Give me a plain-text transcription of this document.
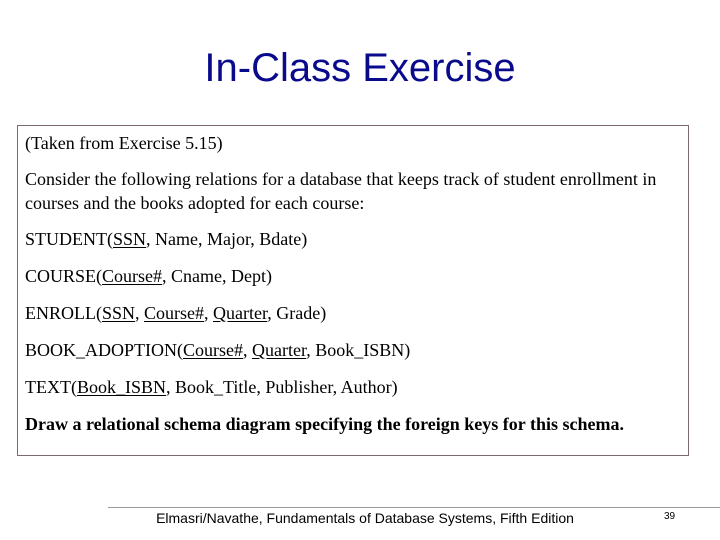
In-Class Exercise

(Taken from Exercise 5.15)

Consider the following relations for a database that keeps track of student enrollment in courses and the books adopted for each course:

STUDENT(SSN, Name, Major, Bdate)

COURSE(Course#, Cname, Dept)

ENROLL(SSN, Course#, Quarter, Grade)

BOOK_ADOPTION(Course#, Quarter, Book_ISBN)

TEXT(Book_ISBN, Book_Title, Publisher, Author)

Draw a relational schema diagram specifying the foreign keys for this schema.

Elmasri/Navathe, Fundamentals of Database Systems, Fifth Edition	39
